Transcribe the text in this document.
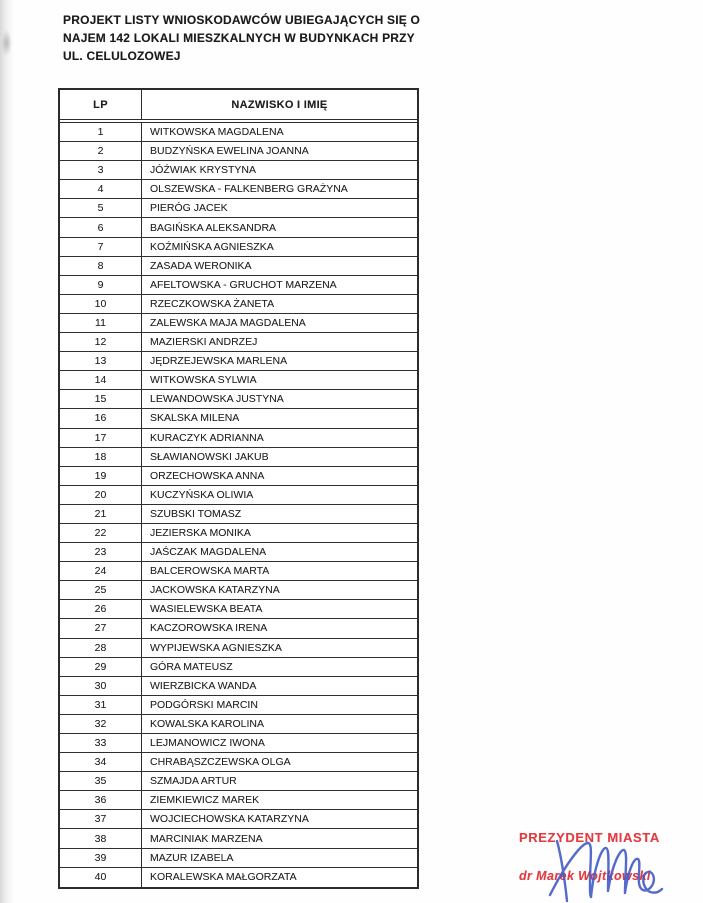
PROJEKT LISTY WNIOSKODAWCÓW UBIEGAJĄCYCH SIĘ O
NAJEM 142 LOKALI MIESZKALNYCH W BUDYNKACH PRZY
UL. CELULOZOWEJ
LP	NAZWISKO I IMIĘ
1	WITKOWSKA MAGDALENA
2	BUDZYŃSKA EWELINA JOANNA
3	JÓŹWIAK KRYSTYNA
4	OLSZEWSKA - FALKENBERG GRAŻYNA
5	PIERÓG JACEK
6	BAGIŃSKA ALEKSANDRA
7	KOŹMIŃSKA AGNIESZKA
8	ZASADA WERONIKA
9	AFELTOWSKA - GRUCHOT MARZENA
10	RZECZKOWSKA ŻANETA
11	ZALEWSKA MAJA MAGDALENA
12	MAZIERSKI ANDRZEJ
13	JĘDRZEJEWSKA MARLENA
14	WITKOWSKA SYLWIA
15	LEWANDOWSKA JUSTYNA
16	SKALSKA MILENA
17	KURACZYK ADRIANNA
18	SŁAWIANOWSKI JAKUB
19	ORZECHOWSKA ANNA
20	KUCZYŃSKA OLIWIA
21	SZUBSKI TOMASZ
22	JEZIERSKA MONIKA
23	JAŚCZAK MAGDALENA
24	BALCEROWSKA MARTA
25	JACKOWSKA KATARZYNA
26	WASIELEWSKA BEATA
27	KACZOROWSKA IRENA
28	WYPIJEWSKA AGNIESZKA
29	GÓRA MATEUSZ
30	WIERZBICKA WANDA
31	PODGÓRSKI MARCIN
32	KOWALSKA KAROLINA
33	LEJMANOWICZ IWONA
34	CHRABĄSZCZEWSKA OLGA
35	SZMAJDA ARTUR
36	ZIEMKIEWICZ MAREK
37	WOJCIECHOWSKA KATARZYNA
38	MARCINIAK MARZENA
39	MAZUR IZABELA
40	KORALEWSKA MAŁGORZATA
PREZYDENT MIASTA
dr Marek Wojtkowski
